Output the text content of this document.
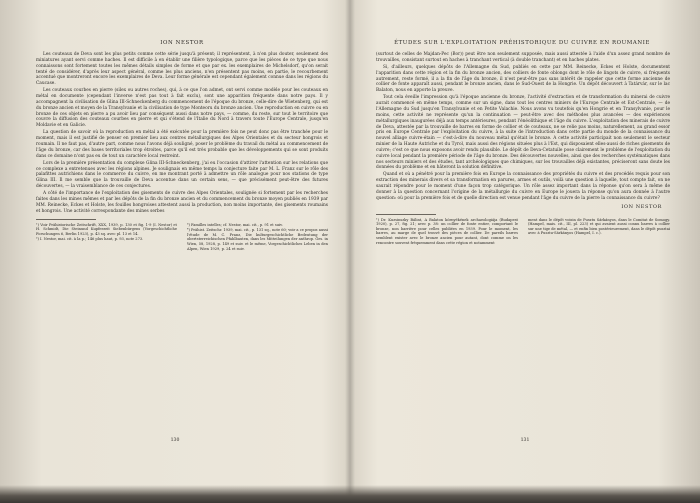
ION NESTOR

Les couteaux de Deva sont les plus petits comme cette série jusqu'à présent; il représentent, à n'en plus douter, seulement des miniatures ayant servi comme haches. Il est difficile à en établir une filière typologique, parce que les pièces de ce type que nous connaissons sont fortement toutes les mêmes détails simples de forme et que par ex. les exemplaires de Michelsdorf, qu'on serait tenté de considérer, d'après leur aspect général, comme les plus anciens, n'en présentent pas moins, en partie, le recourbement accentué que montreront encore les exemplaires de Deva. Leur forme générale est cependant également connue dans les régions du Caucase.

Les couteaux courbes en pierre (silex ou autres roches), qui, à ce que l'on admet, ont servi comme modèle pour les couteaux en métal en documente (cependant l'inverse n'est pas tout à fait exclu), sont une apparition fréquente dans notre pays. Il y accompagnent la civilisation de Glina III-Schneckenberg du commencement de l'époque du bronze, celle-dire de Wietenberg, qui est du bronze ancien et moyen de la Transylvanie et la civilisation de type Monteoru du bronze ancien. Une reproduction en cuivre ou en bronze de ces objets en pierre a pu avoir lieu par conséquent aussi dans notre pays, — comme, du reste, sur tout le territoire que couvre la diffusion des couteaux courbes en pierre et qui s'étend de l'Italie du Nord à travers toute l'Europe Centrale, jusqu'en Moldavie et en Galicie.

La question de savoir où la reproduction en métal a été exécutée pour la première fois ne peut donc pas être tranchée pour le moment, mais il est justifié de penser en premier lieu aux centres métallurgiques des Alpes Orientales et du secteur hongrois et roumain. Il ne faut pas, d'autre part, comme nous l'avons déjà souligné, poser le problème du travail du métal au commencement de l'âge du bronze, car des bases territoriales trop étroites, parce qu'il est très probable que les développements qui se sont produits dans ce domaine n'ont pas eu de tout un caractère local restreint.

Lors de la première présentation du complexe Glina III-Schneckenberg, j'ai eu l'occasion d'attirer l'attention sur les relations que ce complexe a entretenues avec les régions alpines. Je soulignais en même temps la conjecture faite par M. L. Franz sur le rôle des palafittes autrichiens dans le commerce du cuivre, en me montrant porté à admettre un rôle analogue pour nos stations de type Glina III. Il me semble que la trouvaille de Deva accentue dans un certain sens, — que précisément peut-être des futures découvertes, — la vraisemblance de ces conjectures.

A côté de l'importance de l'exploitation des gisements de cuivre des Alpes Orientales, soulignée si fortement par les recherches faites dans les mines mêmes et par les dépôts de la fin du bronze ancien et du commencement du bronze moyen publiés en 1939 par MM. Reinecke, Eckes et Holste, les fouilles hongroises attestent aussi la production, non moins importante, des gisements roumains et hongrois. Une activité correspondante des mines serbes

¹) Voir Prähistorische Zeitschrift, XXX, 1939, p. 130 et fig. 1-9 (I. Nestor) et H. Schmidt, Die Steinund Kupferzeit Siebenbürgens (Vorgeschichtliche Forschungen 6, Berlin 1923), p. 43 sq. avec pl. 13 et 14.

²) I. Nestor, mai. cit. à la p.; 146 plus haut, p. 93, note 273.

³) Familles intelles; cf. Nestor, mai. cit., p. 91 et suiv.

⁴) Prähist. Zeitschr. 1939, mai. cit., p. 131 sq., note 60; voir a ce propos aussi l'étude de M. C. Franz, Die kulturgeschichtliche Bedeutung der obertsterreichischen Pfahlbauten, dans les Mitteilungen der anthrop. Ges. in Wien, 58, 1928, p. 149 et suiv. et le même, Vorgeschichtliches Leben in den Alpen, Wien 1929, p. 24 et suiv.

130
ÉTUDES SUR L'EXPLOITATION PRÉHISTORIQUE DU CUIVRE EN ROUMANIE

(surtout de celles de Majdan-Pec (Bor)) peut être non seulement supposée, mais aussi attestée à l'aide d'un assez grand nombre de trouvailles, consistant surtout en haches à tranchant vertical (à double tranchant) et en haches plates.

Si, d'ailleurs, quelques dépôts de l'Allemagne du Sud, publiés en cette par MM. Reinecke, Eckes et Holste, documentent l'apparition dans cette région et la fin du bronze ancien, des colliers de fonte oblongs dont le rôle de lingots de cuivre, si fréquents autrement, reste formé, il a la fin de l'âge du bronze, il n'est peut-être pas sans intérêt de rappeler que cette forme ancienne de collier de fonte apparaît aussi, pendant le bronze ancien, dans le Sud-Ouest de la Hongrie. Un dépôt découvert à Tatárvár, sur le lac Balaton, nous en apporte la preuve.

Tout cela éveille l'impression qu'à l'époque ancienne du bronze, l'activité d'extraction et de transformation du minerai de cuivre aurait commencé en même temps, comme sur un signe, dans tout les centres miniers de l'Europe Centrale et Est-Centrale, — de l'Allemagne du Sud jusqu'en Transylvanie et en Petite Valachie. Nous avons vu toutefois qu'en Hongrie et en Transylvanie, pour le moins, cette activité ne représente qu'un la continuation — peut-être avec des méthodes plus avancées — des expériences métallurgiques inaugurées déjà aux temps antérieures, pendant l'énéolithique et l'âge du cuivre. L'exploitation des minerais de cuivre de Deva, attestée par la trouvaille de barres en forme de collier et de couteaux, ne se relie pas moins, naturellement, au grand essor pris en Europe Centrale par l'exploitation du cuivre, à la suite de l'introduction dans cette partie du monde de la connaissance du nouvel alliage cuivre-étain — c'est-à-dire du nouveau métal qu'était le bronze. A cette activité participait non seulement le secteur minier de la Haute Autriche et du Tyrol, mais aussi des régions situées plus à l'Est, qui disposaient elles-aussi de riches gisements de cuivre; c'est ce que nous exposons avoir rendu plausible. Le dépôt de Deva-Cetatuile pose clairement le problème de l'exploitation du cuivre local pendant la première période de l'âge du bronze. Des découvertes nouvelles, ainsi que des recherches systématiques dans nos secteurs miniers et des études, tant archéologiques que chimiques, sur les trouvailles déjà existantes, préciseront sans doute les données du problème et en hâteront la solution définitive.

Quand et où a pénétré pour la première fois en Europe la connaissance des propriétés du cuivre et des procédés requis pour son extraction des minerais divers et sa transformation en parures, armes et outils, voilà une question à laquelle, tout compte fait, on ne saurait répondre pour le moment d'une façon trop catégorique. Un rôle assez important dans la réponse qu'on sera à même de donner à la question concernant l'origine de la métallurgie du cuivre en Europe le jouera la réponse qu'on aura donnée à l'autre question: où pour la première fois et de quelle direction est venue pendant l'âge du cuivre de la pierre la connaissance du cuivre?

ION NESTOR

¹) Dr. Kuzsinszky Bálint, A Balaton környékének archaeologiája (Budapest 1920), p. 27, fig. 21; avec p. 38: un collier de fonte entier, comportant le bronze, non barrière pour celles publiées en 1939. Pour le moment, les barres, au marge de quel trouvé des pièces de collier. De pareils barres semblent exister avec le bronze ancien pour autant, dont comme on les rencontre souvent fréquemment dans cette région et notamment

ment dans le dépôt voisin de Pusztu Sárkányos, dans le Comitat de Somogy. (Hampel, mais. cit., III, pl. 223) et qui avaient aussi connu barres à collier sur une tige de métal, — et enfin bien postérieurement, dans le dépôt pusztai avec à Pusztu-Sárkányos (Hampel, I. c.).

131
